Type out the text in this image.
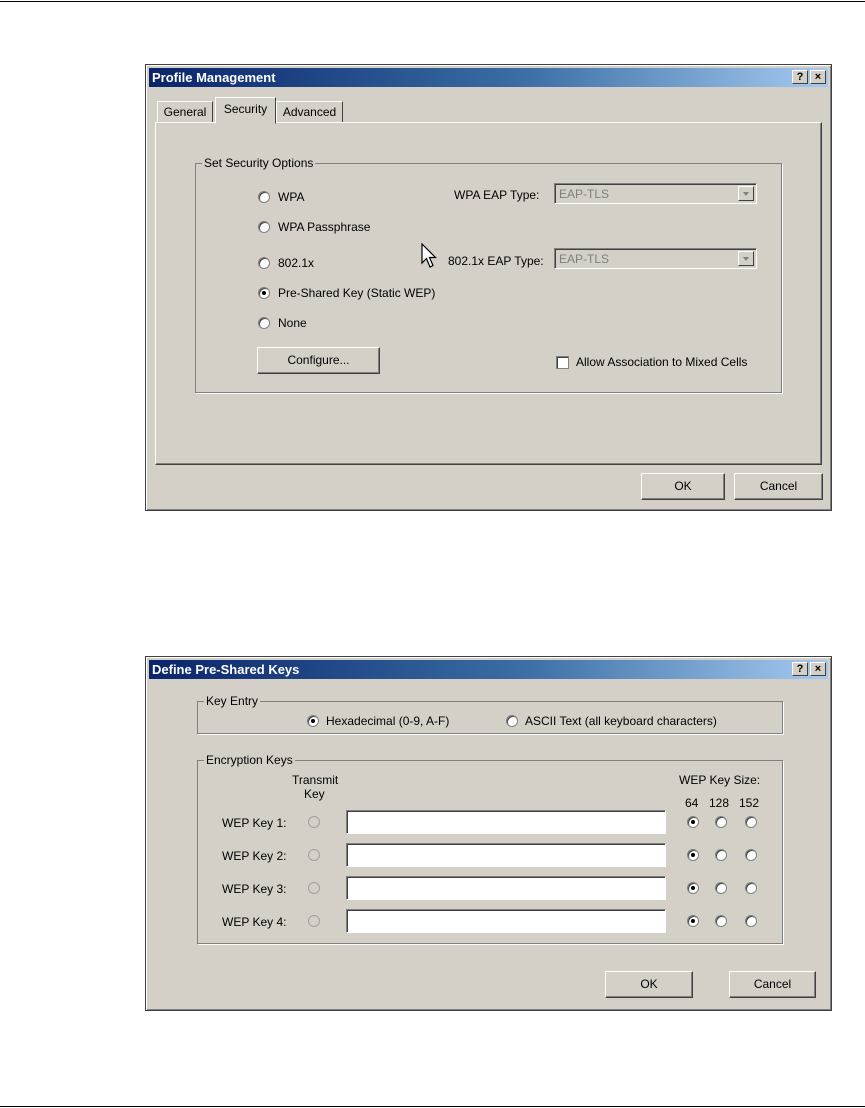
Profile Management	?	×
General	Security	Advanced
Set Security Options
WPA
WPA Passphrase
802.1x
Pre-Shared Key (Static WEP)
None
WPA EAP Type: EAP-TLS
802.1x EAP Type: EAP-TLS
Configure...	Allow Association to Mixed Cells
OK	Cancel
Define Pre-Shared Keys	?	×
Key Entry
Hexadecimal (0-9, A-F)	ASCII Text (all keyboard characters)
Encryption Keys
Transmit
Key
WEP Key Size:
64 128 152
WEP Key 1:
WEP Key 2:
WEP Key 3:
WEP Key 4:
OK	Cancel
